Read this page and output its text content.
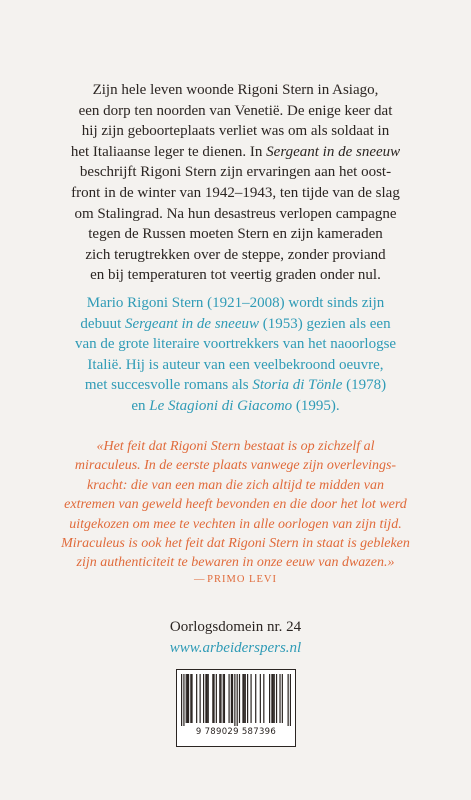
Zijn hele leven woonde Rigoni Stern in Asiago,
een dorp ten noorden van Venetië. De enige keer dat
hij zijn geboorteplaats verliet was om als soldaat in
het Italiaanse leger te dienen. In Sergeant in de sneeuw
beschrijft Rigoni Stern zijn ervaringen aan het oost-
front in de winter van 1942–1943, ten tijde van de slag
om Stalingrad. Na hun desastreus verlopen campagne
tegen de Russen moeten Stern en zijn kameraden
zich terugtrekken over de steppe, zonder proviand
en bij temperaturen tot veertig graden onder nul.
Mario Rigoni Stern (1921–2008) wordt sinds zijn
debuut Sergeant in de sneeuw (1953) gezien als een
van de grote literaire voortrekkers van het naoorlogse
Italië. Hij is auteur van een veelbekroond oeuvre,
met succesvolle romans als Storia di Tönle (1978)
en Le Stagioni di Giacomo (1995).
«Het feit dat Rigoni Stern bestaat is op zichzelf al
miraculeus. In de eerste plaats vanwege zijn overlevings-
kracht: die van een man die zich altijd te midden van
extremen van geweld heeft bevonden en die door het lot werd
uitgekozen om mee te vechten in alle oorlogen van zijn tijd.
Miraculeus is ook het feit dat Rigoni Stern in staat is gebleken
zijn authenticiteit te bewaren in onze eeuw van dwazen.»
— PRIMO LEVI
Oorlogsdomein nr. 24
www.arbeiderspers.nl
9 789029 587396
